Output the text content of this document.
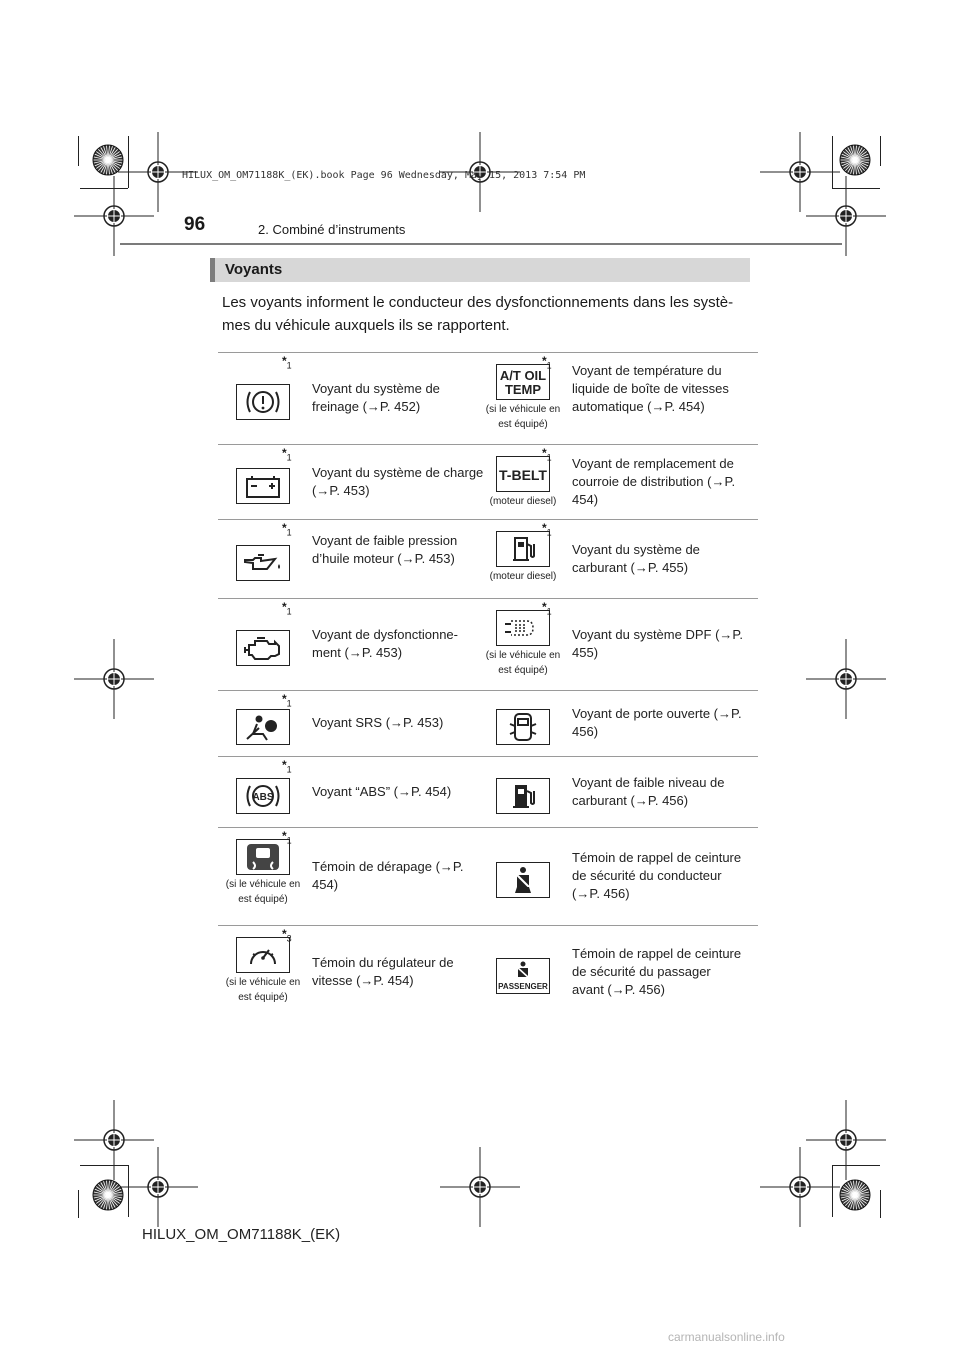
HILUX_OM_OM71188K_(EK).book Page 96 Wednesday, May 15, 2013 7:54 PM
96	2. Combiné d’instruments
Voyants
Les voyants informent le conducteur des dysfonctionnements dans les systè-mes du véhicule auxquels ils se rapportent.
$*_1$
Voyant du système de freinage (→P. 452)
$*_1$
Voyant du système de charge (→P. 453)
$*_1$
Voyant de faible pression d’huile moteur (→P. 453)
$*_1$
Voyant de dysfonctionne-ment (→P. 453)
$*_1$
Voyant SRS (→P. 453)
ABS
$*_1$
Voyant “ABS” (→P. 454)
$*_1$
(si le véhicule en est équipé)
Témoin de dérapage (→P. 454)
$*_3$
(si le véhicule en est équipé)
Témoin du régulateur de vitesse (→P. 454)
A/T OIL
TEMP
$*_1$
(si le véhicule en est équipé)
Voyant de température du liquide de boîte de vitesses automatique (→P. 454)
T-BELT
$*_1$
(moteur diesel)
Voyant de remplacement de courroie de distribution (→P. 454)
$*_1$
(moteur diesel)
Voyant du système de carburant (→P. 455)
$*_1$
(si le véhicule en est équipé)
Voyant du système DPF (→P. 455)
Voyant de porte ouverte (→P. 456)
Voyant de faible niveau de carburant (→P. 456)
Témoin de rappel de ceinture de sécurité du conducteur (→P. 456)
PASSENGER
Témoin de rappel de ceinture de sécurité du passager avant (→P. 456)
HILUX_OM_OM71188K_(EK)
carmanualsonline.info
